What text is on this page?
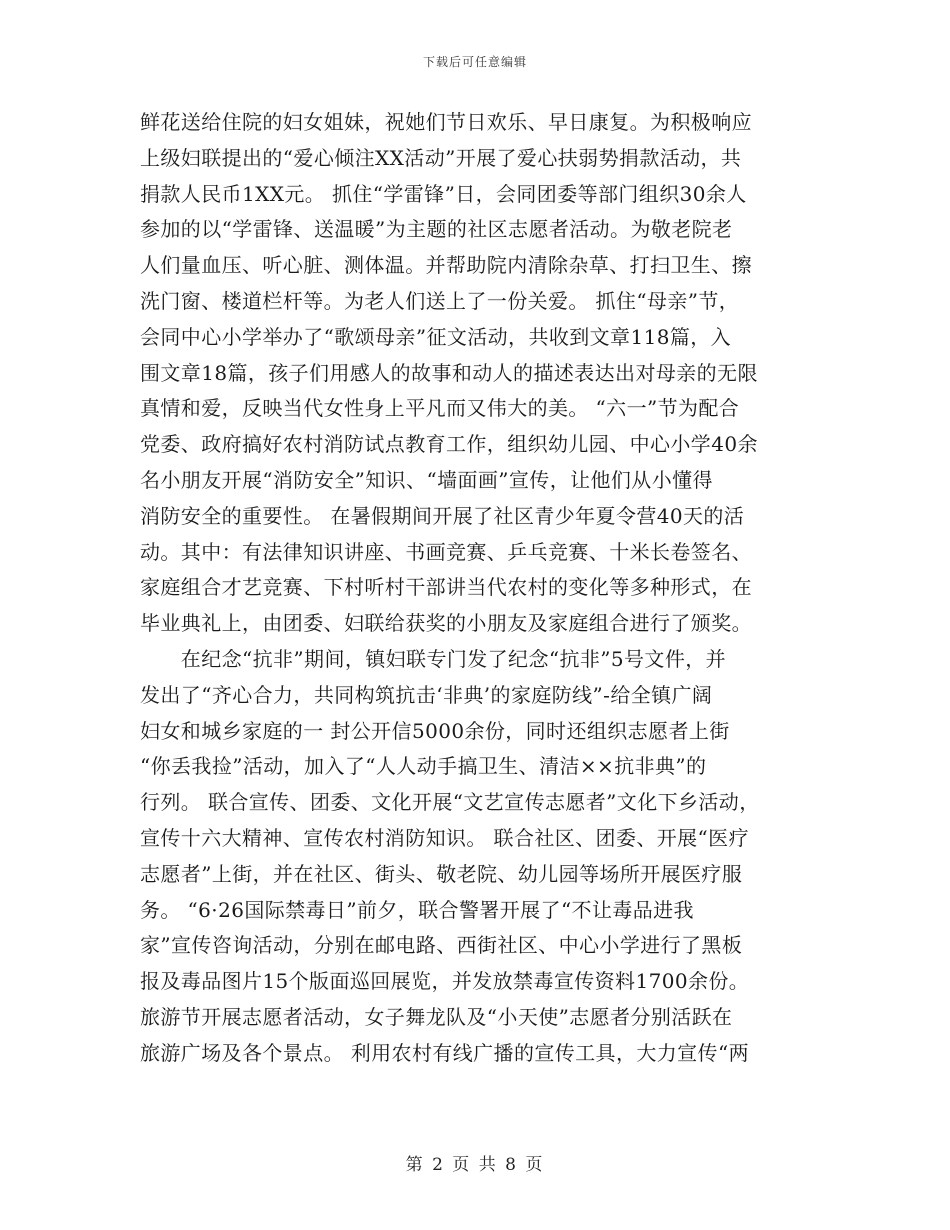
下载后可任意编辑
鲜花送给住院的妇女姐妹，祝她们节日欢乐、早日康复。为积极响应
上级妇联提出的“爱心倾注XX活动”开展了爱心扶弱势捐款活动，共
捐款人民币1XX元。 抓住“学雷锋”日，会同团委等部门组织30余人
参加的以“学雷锋、送温暖”为主题的社区志愿者活动。为敬老院老
人们量血压、听心脏、测体温。并帮助院内清除杂草、打扫卫生、擦
洗门窗、楼道栏杆等。为老人们送上了一份关爱。 抓住“母亲”节，
会同中心小学举办了“歌颂母亲”征文活动，共收到文章118篇，入
围文章18篇，孩子们用感人的故事和动人的描述表达出对母亲的无限
真情和爱，反映当代女性身上平凡而又伟大的美。 “六一”节为配合
党委、政府搞好农村消防试点教育工作，组织幼儿园、中心小学40余
名小朋友开展“消防安全”知识、“墙面画”宣传，让他们从小懂得
消防安全的重要性。 在暑假期间开展了社区青少年夏令营40天的活
动。其中：有法律知识讲座、书画竞赛、乒乓竞赛、十米长卷签名、
家庭组合才艺竞赛、下村听村干部讲当代农村的变化等多种形式，在
毕业典礼上，由团委、妇联给获奖的小朋友及家庭组合进行了颁奖。
　　在纪念“抗非”期间，镇妇联专门发了纪念“抗非”5号文件，并
发出了“齐心合力，共同构筑抗击‘非典’的家庭防线”-给全镇广阔
妇女和城乡家庭的一 封公开信5000余份，同时还组织志愿者上街
“你丢我捡”活动，加入了“人人动手搞卫生、清洁××抗非典”的
行列。 联合宣传、团委、文化开展“文艺宣传志愿者”文化下乡活动，
宣传十六大精神、宣传农村消防知识。 联合社区、团委、开展“医疗
志愿者”上街，并在社区、街头、敬老院、幼儿园等场所开展医疗服
务。 “6·26国际禁毒日”前夕，联合警署开展了“不让毒品进我
家”宣传咨询活动，分别在邮电路、西街社区、中心小学进行了黑板
报及毒品图片15个版面巡回展览，并发放禁毒宣传资料1700余份。
旅游节开展志愿者活动，女子舞龙队及“小天使”志愿者分别活跃在
旅游广场及各个景点。 利用农村有线广播的宣传工具，大力宣传“两
第 2 页 共 8 页
